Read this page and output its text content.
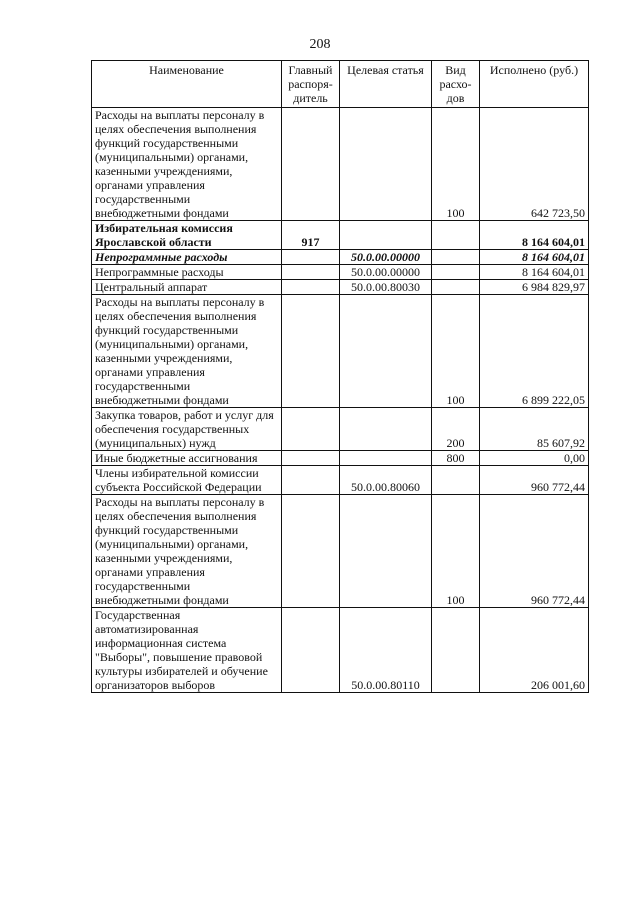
208
Наименование	Главный распоря-дитель	Целевая статья	Вид расхо-дов	Исполнено (руб.)
Расходы на выплаты персоналу в целях обеспечения выполнения функций государственными (муниципальными) органами, казенными учреждениями, органами управления государственными внебюджетными фондами			100	642 723,50
Избирательная комиссия Ярославской области	917			8 164 604,01
Непрограммные расходы		50.0.00.00000		8 164 604,01
Непрограммные расходы		50.0.00.00000		8 164 604,01
Центральный аппарат		50.0.00.80030		6 984 829,97
Расходы на выплаты персоналу в целях обеспечения выполнения функций государственными (муниципальными) органами, казенными учреждениями, органами управления государственными внебюджетными фондами			100	6 899 222,05
Закупка товаров, работ и услуг для обеспечения государственных (муниципальных) нужд			200	85 607,92
Иные бюджетные ассигнования			800	0,00
Члены избирательной комиссии субъекта Российской Федерации		50.0.00.80060		960 772,44
Расходы на выплаты персоналу в целях обеспечения выполнения функций государственными (муниципальными) органами, казенными учреждениями, органами управления государственными внебюджетными фондами			100	960 772,44
Государственная автоматизированная информационная система "Выборы", повышение правовой культуры избирателей и обучение организаторов выборов		50.0.00.80110		206 001,60
